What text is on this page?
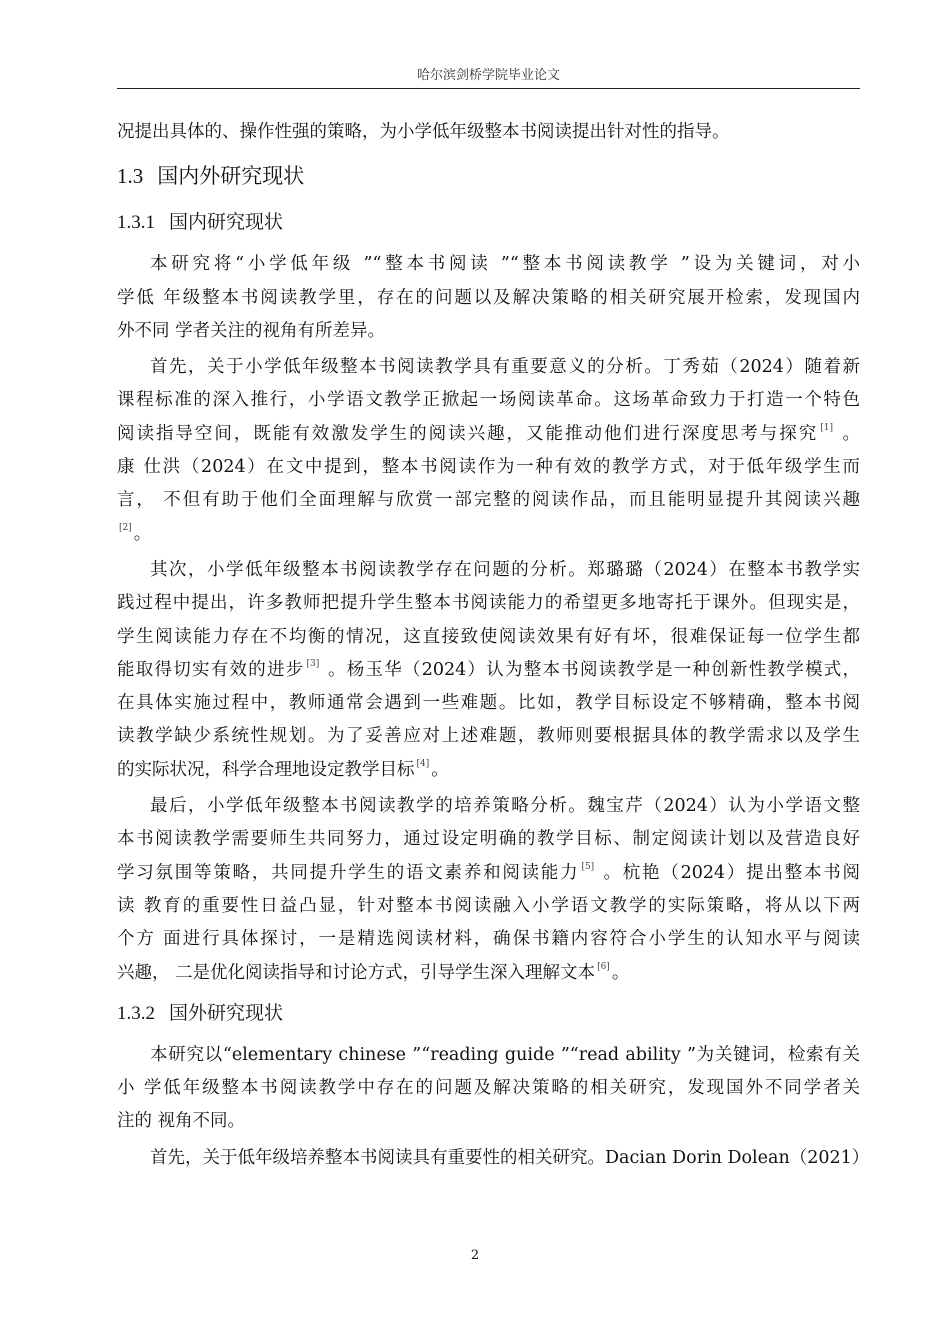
哈尔滨剑桥学院毕业论文
况提出具体的、操作性强的策略，为小学低年级整本书阅读提出针对性的指导。
1.3 国内外研究现状
1.3.1 国内研究现状
本研究将“小学低年级 ”“整本书阅读 ”“整本书阅读教学 ”设为关键词，对小
学低 年级整本书阅读教学里，存在的问题以及解决策略的相关研究展开检索，发现国内
外不同 学者关注的视角有所差异。
首先，关于小学低年级整本书阅读教学具有重要意义的分析。丁秀茹（2024）随着新
课程标准的深入推行，小学语文教学正掀起一场阅读革命。这场革命致力于打造一个特色
阅读指导空间，既能有效激发学生的阅读兴趣，又能推动他们进行深度思考与探究 [1] 。
康 仕洪（2024）在文中提到，整本书阅读作为一种有效的教学方式，对于低年级学生而
言， 不但有助于他们全面理解与欣赏一部完整的阅读作品，而且能明显提升其阅读兴趣
[2] 。
其次，小学低年级整本书阅读教学存在问题的分析。郑璐璐（2024）在整本书教学实
践过程中提出，许多教师把提升学生整本书阅读能力的希望更多地寄托于课外。但现实是，
学生阅读能力存在不均衡的情况，这直接致使阅读效果有好有坏，很难保证每一位学生都
能取得切实有效的进步 [3] 。杨玉华（2024）认为整本书阅读教学是一种创新性教学模式，
在具体实施过程中，教师通常会遇到一些难题。比如，教学目标设定不够精确，整本书阅
读教学缺少系统性规划。为了妥善应对上述难题，教师则要根据具体的教学需求以及学生
的实际状况，科学合理地设定教学目标 [4] 。
最后，小学低年级整本书阅读教学的培养策略分析。魏宝芹（2024）认为小学语文整
本书阅读教学需要师生共同努力，通过设定明确的教学目标、制定阅读计划以及营造良好
学习氛围等策略，共同提升学生的语文素养和阅读能力 [5] 。杭艳（2024）提出整本书阅
读 教育的重要性日益凸显，针对整本书阅读融入小学语文教学的实际策略，将从以下两
个方 面进行具体探讨，一是精选阅读材料，确保书籍内容符合小学生的认知水平与阅读
兴趣， 二是优化阅读指导和讨论方式，引导学生深入理解文本 [6] 。
1.3.2 国外研究现状
本研究以“elementary chinese ”“reading guide ”“read ability ”为关键词，检索有关
小 学低年级整本书阅读教学中存在的问题及解决策略的相关研究，发现国外不同学者关
注的 视角不同。
首先，关于低年级培养整本书阅读具有重要性的相关研究。Dacian Dorin Dolean（2021）
2
